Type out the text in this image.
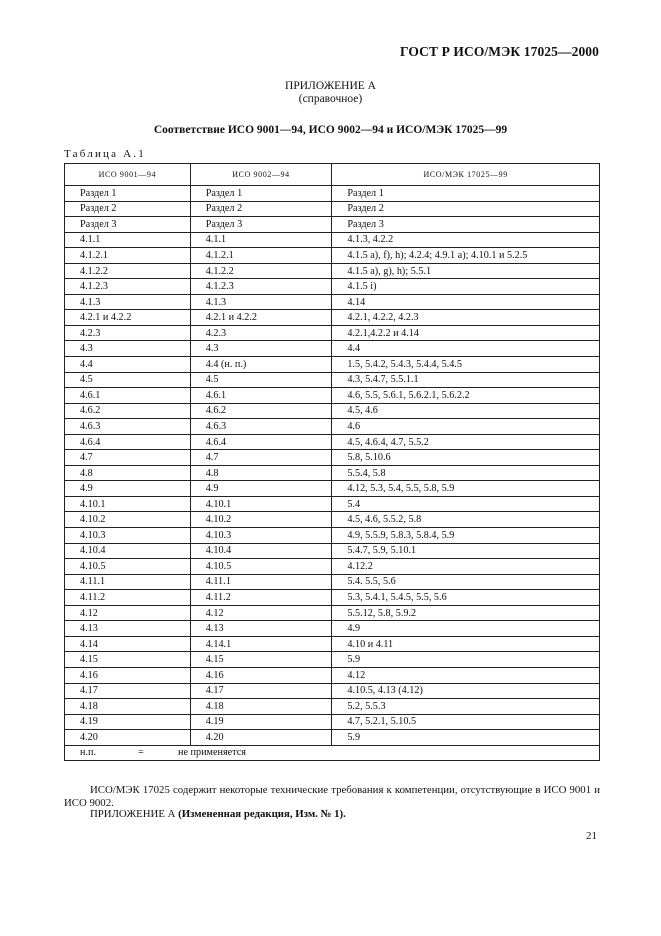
ГОСТ Р ИСО/МЭК 17025—2000
ПРИЛОЖЕНИЕ А
(справочное)
Соответствие ИСО 9001—94, ИСО 9002—94 и ИСО/МЭК 17025—99
Таблица А.1
ИСО 9001—94	ИСО 9002—94	ИСО/МЭК 17025—99
Раздел 1	Раздел 1	Раздел 1
Раздел 2	Раздел 2	Раздел 2
Раздел 3	Раздел 3	Раздел 3
4.1.1	4.1.1	4.1.3, 4.2.2
4.1.2.1	4.1.2.1	4.1.5 а), f), h); 4.2.4; 4.9.1 а); 4.10.1 и 5.2.5
4.1.2.2	4.1.2.2	4.1.5 а), g), h); 5.5.1
4.1.2.3	4.1.2.3	4.1.5 i)
4.1.3	4.1.3	4.14
4.2.1 и 4.2.2	4.2.1 и 4.2.2	4.2.1, 4.2.2, 4.2.3
4.2.3	4.2.3	4.2.1,4.2.2 и 4.14
4.3	4.3	4.4
4.4	4.4 (н. п.)	1.5, 5.4.2, 5.4.3, 5.4.4, 5.4.5
4.5	4.5	4.3, 5.4.7, 5.5.1.1
4.6.1	4.6.1	4.6, 5.5, 5.6.1, 5.6.2.1, 5.6.2.2
4.6.2	4.6.2	4.5, 4.6
4.6.3	4.6.3	4.6
4.6.4	4.6.4	4.5, 4.6.4, 4.7, 5.5.2
4.7	4.7	5.8, 5.10.6
4.8	4.8	5.5.4, 5.8
4.9	4.9	4.12, 5.3, 5.4, 5.5, 5.8, 5.9
4.10.1	4.10.1	5.4
4.10.2	4.10.2	4.5, 4.6, 5.5.2, 5.8
4.10.3	4.10.3	4.9, 5.5.9, 5.8.3, 5.8.4, 5.9
4.10.4	4.10.4	5.4.7, 5.9, 5.10.1
4.10.5	4.10.5	4.12.2
4.11.1	4.11.1	5.4. 5.5, 5.6
4.11.2	4.11.2	5.3, 5.4.1, 5.4.5, 5.5, 5.6
4.12	4.12	5.5.12, 5.8, 5.9.2
4.13	4.13	4.9
4.14	4.14.1	4.10 и 4.11
4.15	4.15	5.9
4.16	4.16	4.12
4.17	4.17	4.10.5, 4.13 (4.12)
4.18	4.18	5.2, 5.5.3
4.19	4.19	4.7, 5.2.1, 5.10.5
4.20	4.20	5.9
н.п. = не применяется		
ИСО/МЭК 17025 содержит некоторые технические требования к компетенции, отсутствующие в ИСО 9001 и ИСО 9002.
ПРИЛОЖЕНИЕ А (Измененная редакция, Изм. № 1).
21
